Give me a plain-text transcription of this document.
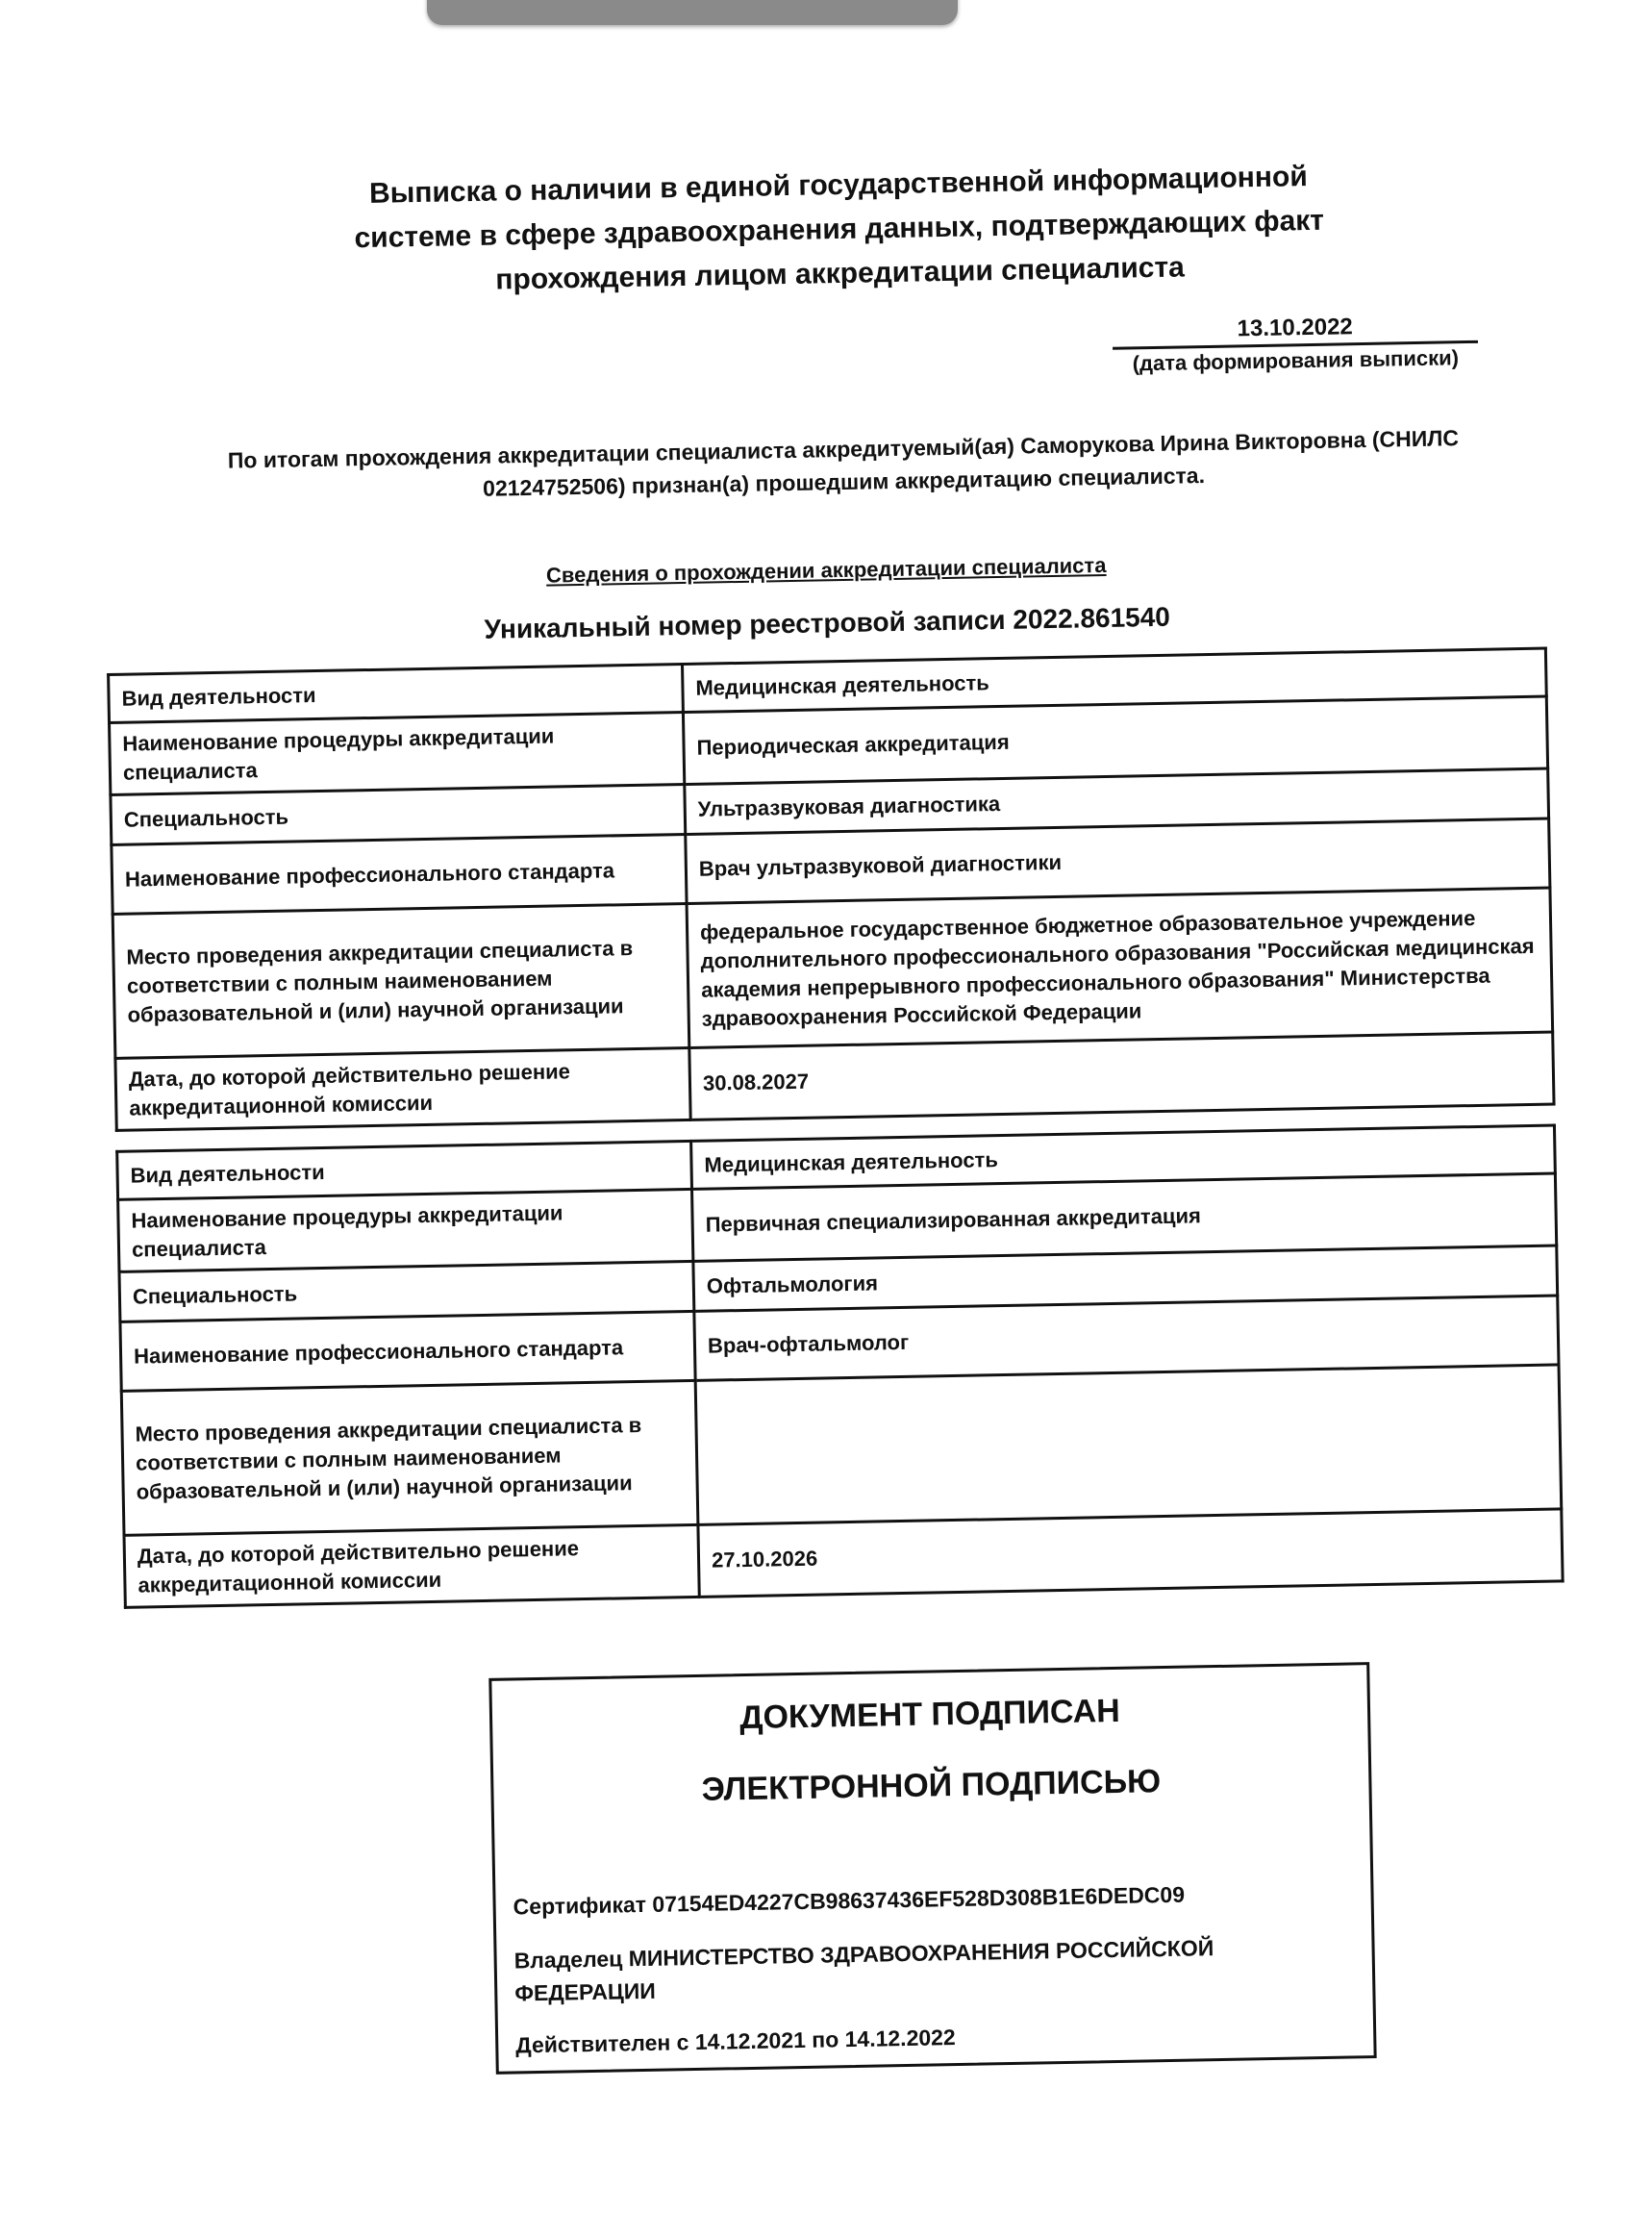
Выписка о наличии в единой государственной информационной
системе в сфере здравоохранения данных, подтверждающих факт
прохождения лицом аккредитации специалиста
13.10.2022
(дата формирования выписки)
По итогам прохождения аккредитации специалиста аккредитуемый(ая) Саморукова Ирина Викторовна (СНИЛС
02124752506) признан(а) прошедшим аккредитацию специалиста.
Сведения о прохождении аккредитации специалиста
Уникальный номер реестровой записи 2022.861540
Вид деятельности	Медицинская деятельность
Наименование процедуры аккредитации специалиста	Периодическая аккредитация
Специальность	Ультразвуковая диагностика
Наименование профессионального стандарта	Врач ультразвуковой диагностики
Место проведения аккредитации специалиста в соответствии с полным наименованием образовательной и (или) научной организации	федеральное государственное бюджетное образовательное учреждение дополнительного профессионального образования "Российская медицинская академия непрерывного профессионального образования" Министерства здравоохранения Российской Федерации
Дата, до которой действительно решение аккредитационной комиссии	30.08.2027
Вид деятельности	Медицинская деятельность
Наименование процедуры аккредитации специалиста	Первичная специализированная аккредитация
Специальность	Офтальмология
Наименование профессионального стандарта	Врач-офтальмолог
Место проведения аккредитации специалиста в соответствии с полным наименованием образовательной и (или) научной организации	
Дата, до которой действительно решение аккредитационной комиссии	27.10.2026
ДОКУМЕНТ ПОДПИСАН
ЭЛЕКТРОННОЙ ПОДПИСЬЮ
Сертификат 07154ED4227CB98637436EF528D308B1E6DEDC09
Владелец МИНИСТЕРСТВО ЗДРАВООХРАНЕНИЯ РОССИЙСКОЙ ФЕДЕРАЦИИ
Действителен с 14.12.2021 по 14.12.2022
